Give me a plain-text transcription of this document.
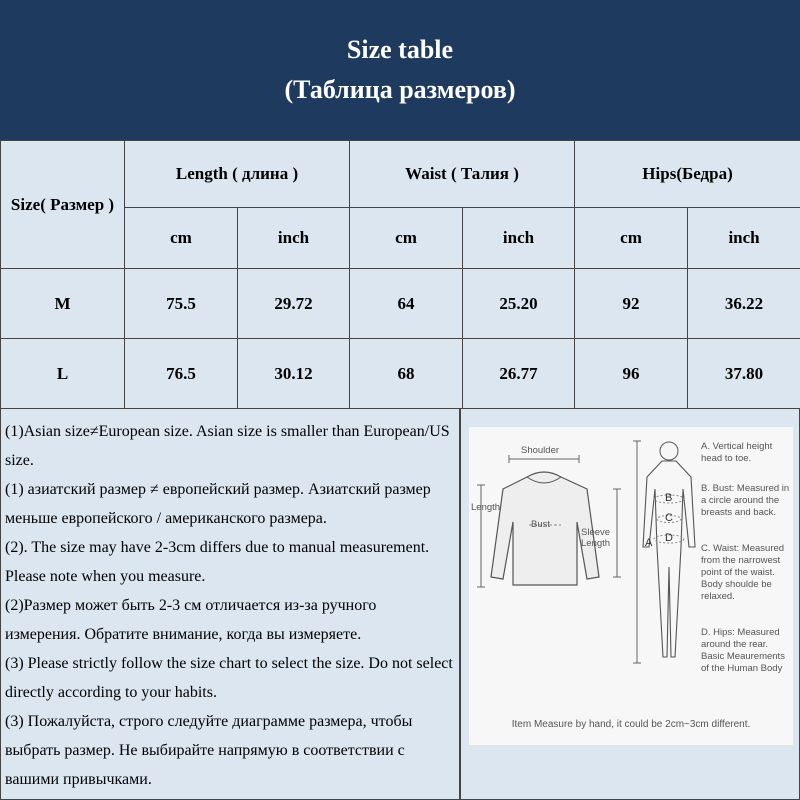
Size table
(Таблица размеров)
Size( Размер )	Length ( длина )		Waist ( Талия )		Hips(Бедра)	
	cm	inch	cm	inch	cm	inch
M	75.5	29.72	64	25.20	92	36.22
L	76.5	30.12	68	26.77	96	37.80

(1)Asian size≠European size. Asian size is smaller than European/US size.

(1) азиатский размер ≠ европейский размер. Азиатский размер меньше европейского / американского размера.

(2). The size may have 2-3cm differs due to manual measurement. Please note when you measure.

(2)Размер может быть 2-3 см отличается из-за ручного измерения. Обратите внимание, когда вы измеряете.

(3) Please strictly follow the size chart to select the size. Do not select directly according to your habits.

(3) Пожалуйста, строго следуйте диаграмме размера, чтобы выбрать размер. Не выбирайте напрямую в соответствии с вашими привычками.

Shoulder
Length
Bust
Sleeve Length	A
B
C
D
A. Vertical height head to toe.
B. Bust: Measured in a circle around the breasts and back.
C. Waist: Measured from the narrowest point of the waist. Body shoulde be relaxed.
D. Hips: Measured around the rear. Basic Meaurements of the Human Body
Item Measure by hand, it could be 2cm~3cm different.
